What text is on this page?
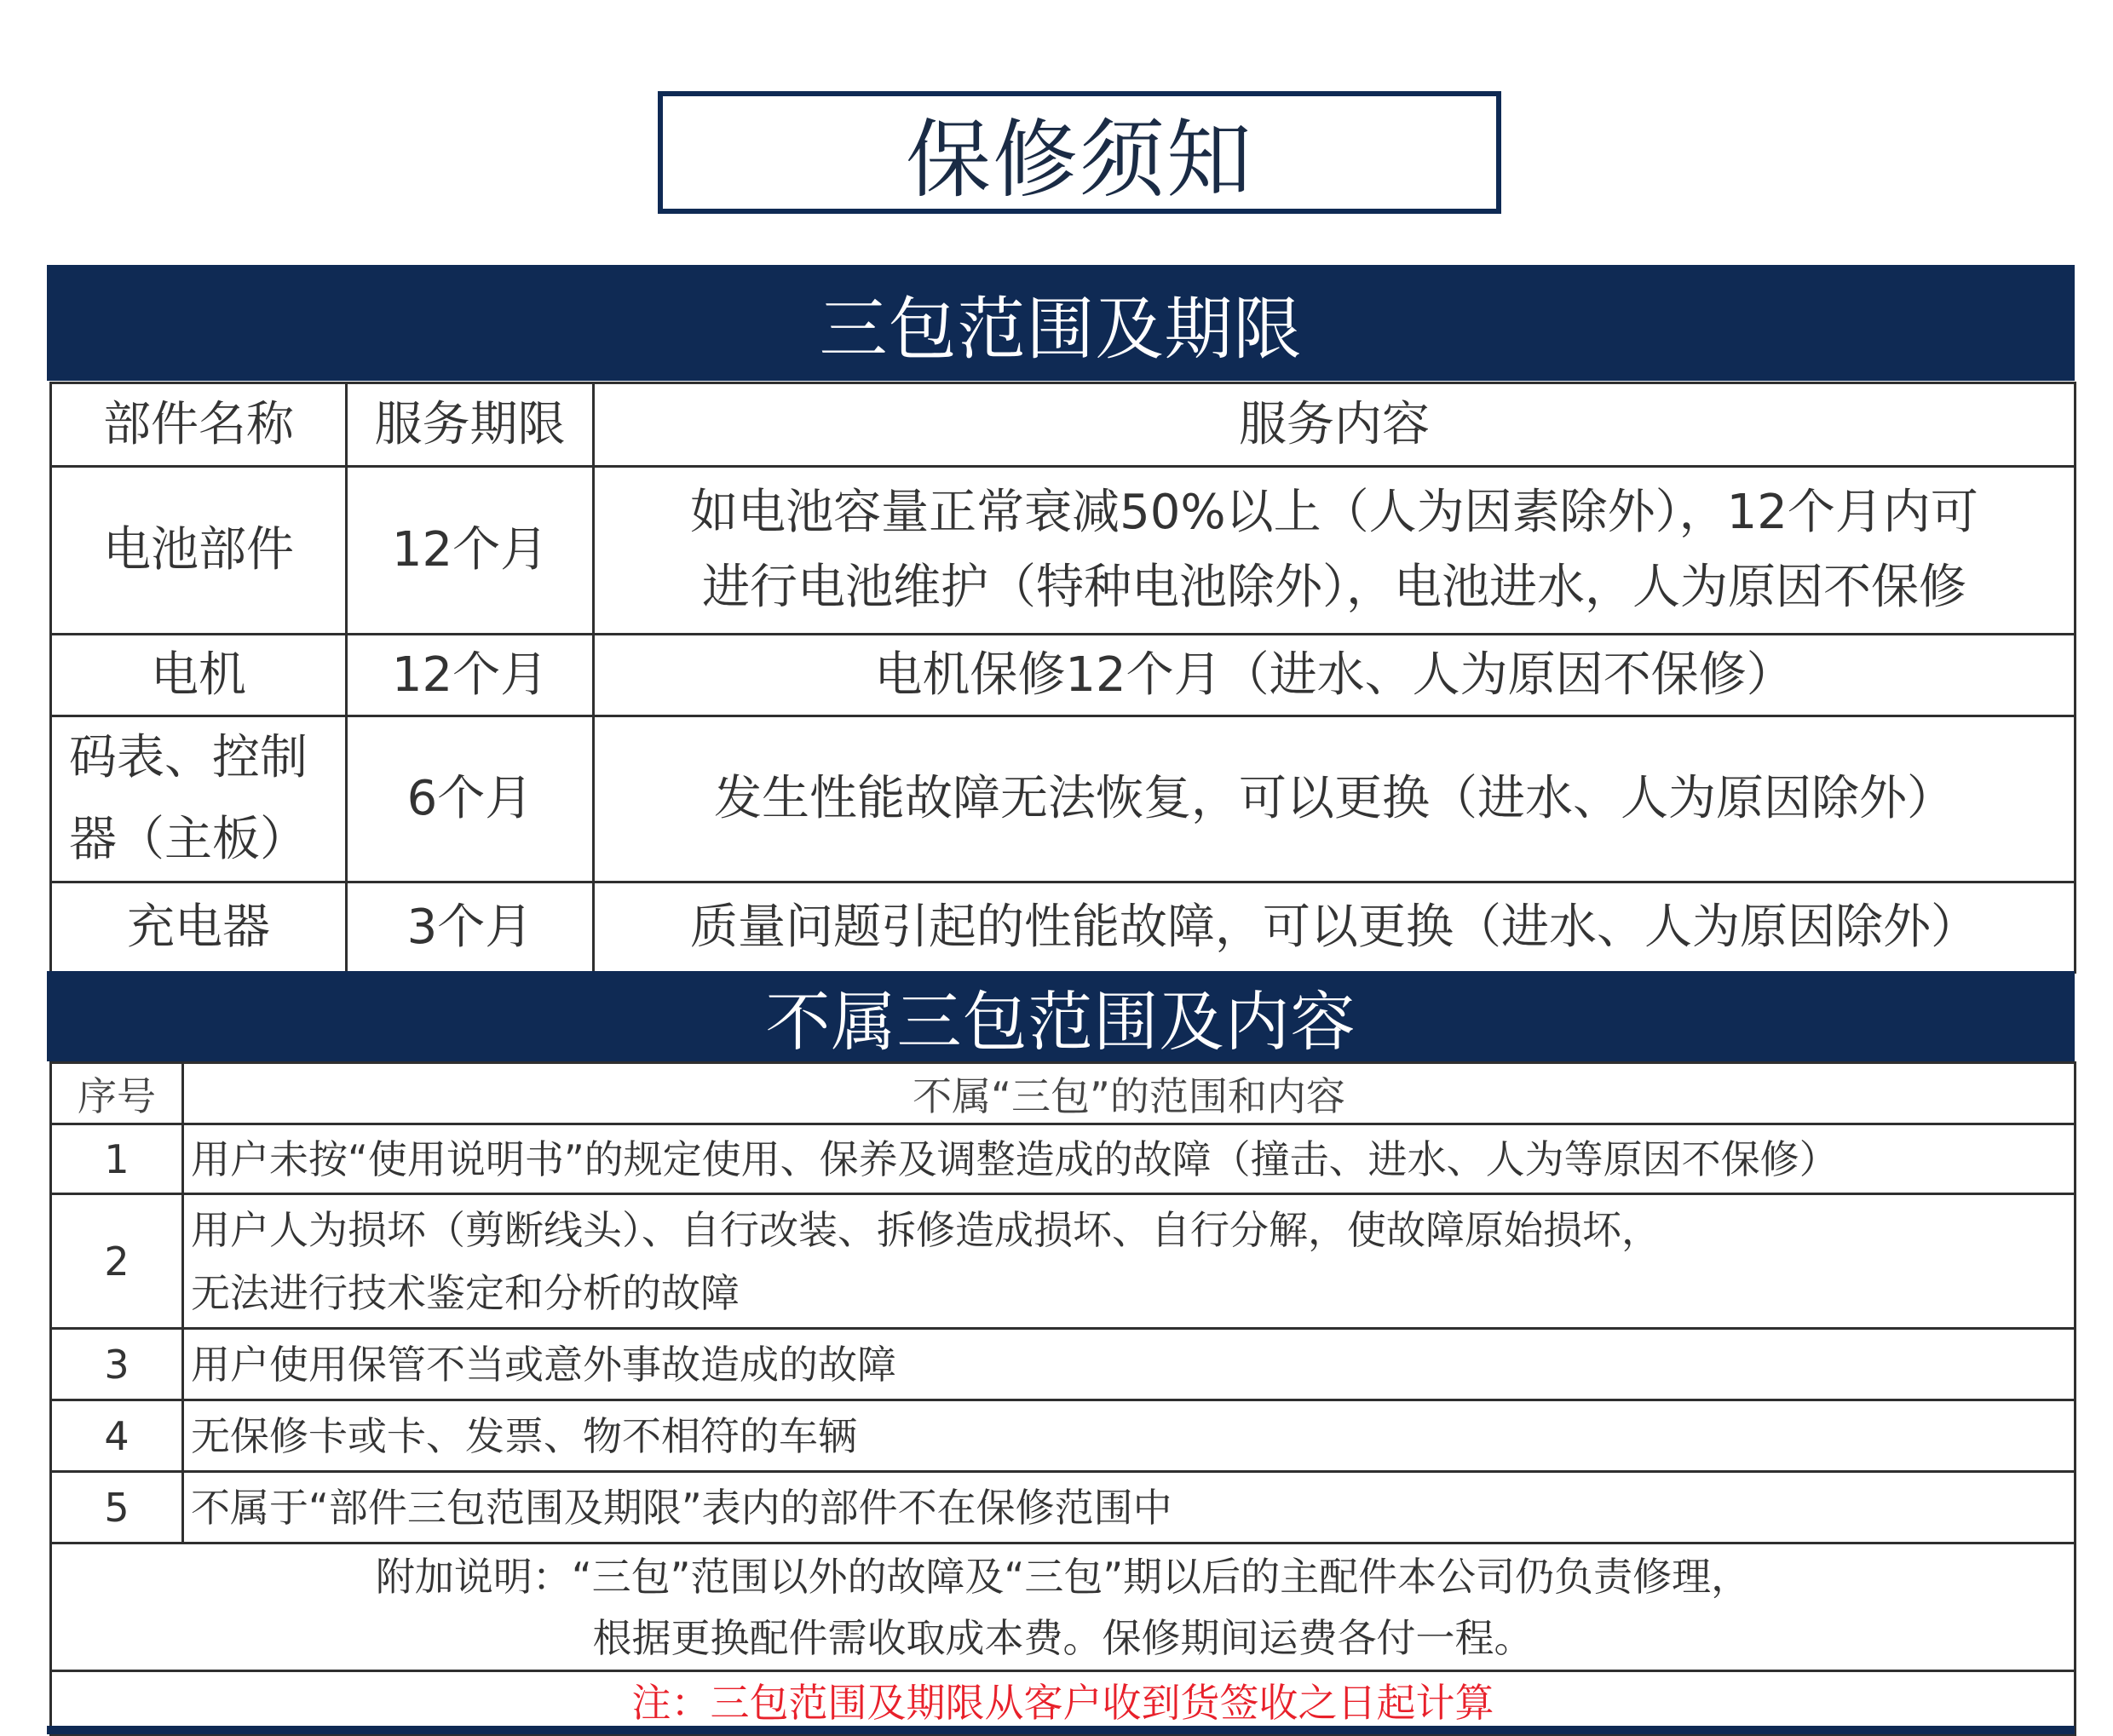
保修须知
三包范围及期限
部件名称	服务期限	服务内容
电池部件	12个月	如电池容量正常衰减50%以上（人为因素除外），12个月内可
进行电池维护（特种电池除外），电池进水，人为原因不保修

电机	12个月	电机保修12个月（进水、人为原因不保修）

码表、控制
器（主板）	6个月	发生性能故障无法恢复，可以更换（进水、人为原因除外）
充电器	3个月	质量问题引起的性能故障，可以更换（进水、人为原因除外）
不属三包范围及内容
序号	不属“三包”的范围和内容
1	用户未按“使用说明书”的规定使用、保养及调整造成的故障（撞击、进水、人为等原因不保修）
2	用户人为损坏（剪断线头）、自行改装、拆修造成损坏、自行分解，使故障原始损坏，
无法进行技术鉴定和分析的故障

3	用户使用保管不当或意外事故造成的故障
4	无保修卡或卡、发票、物不相符的车辆
5	不属于“部件三包范围及期限”表内的部件不在保修范围中

附加说明：“三包”范围以外的故障及“三包”期以后的主配件本公司仍负责修理，
根据更换配件需收取成本费。保修期间运费各付一程。	

注：三包范围及期限从客户收到货签收之日起计算	
